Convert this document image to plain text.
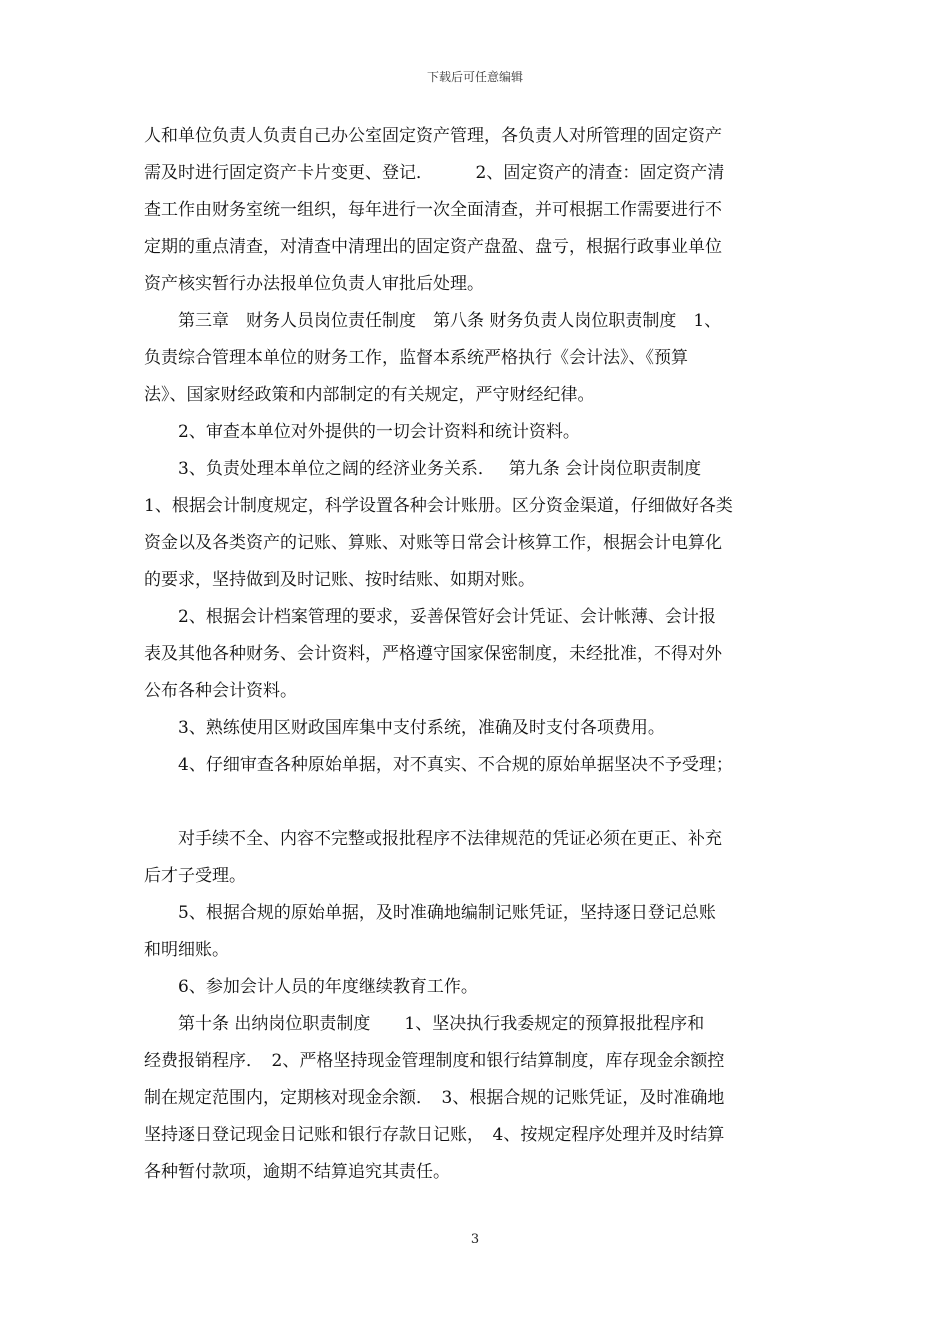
下载后可任意编辑

人和单位负责人负责自己办公室固定资产管理，各负责人对所管理的固定资产

需及时进行固定资产卡片变更、登记．　　　2、固定资产的清查：固定资产清

查工作由财务室统一组织，每年进行一次全面清查，并可根据工作需要进行不

定期的重点清查，对清查中清理出的固定资产盘盈、盘亏，根据行政事业单位

资产核实暂行办法报单位负责人审批后处理。

　　第三章　财务人员岗位责任制度　第八条 财务负责人岗位职责制度　1、

负责综合管理本单位的财务工作，监督本系统严格执行《会计法》、《预算

法》、国家财经政策和内部制定的有关规定，严守财经纪律。

　　2、审查本单位对外提供的一切会计资料和统计资料。

　　3、负责处理本单位之阔的经济业务关系．　 第九条 会计岗位职责制度

1、根据会计制度规定，科学设置各种会计账册。区分资金渠道，仔细做好各类

资金以及各类资产的记账、算账、对账等日常会计核算工作，根据会计电算化

的要求，坚持做到及时记账、按时结账、如期对账。

　　2、根据会计档案管理的要求，妥善保管好会计凭证、会计帐薄、会计报

表及其他各种财务、会计资料，严格遵守国家保密制度，未经批准，不得对外

公布各种会计资料。

　　3、熟练使用区财政国库集中支付系统，准确及时支付各项费用。

　　4、仔细审查各种原始单据，对不真实、不合规的原始单据坚决不予受理；

　　对手续不全、内容不完整或报批程序不法律规范的凭证必须在更正、补充

后才子受理。

　　5、根据合规的原始单据，及时准确地编制记账凭证，坚持逐日登记总账

和明细账。

　　6、参加会计人员的年度继续教育工作。

　　第十条 出纳岗位职责制度　　1、坚决执行我委规定的预算报批程序和

经费报销程序．　2、严格坚持现金管理制度和银行结算制度，库存现金余额控

制在规定范围内，定期核对现金余额．　3、根据合规的记账凭证，及时准确地

坚持逐日登记现金日记账和银行存款日记账，　4、按规定程序处理并及时结算

各种暂付款项，逾期不结算追究其责任。

3
